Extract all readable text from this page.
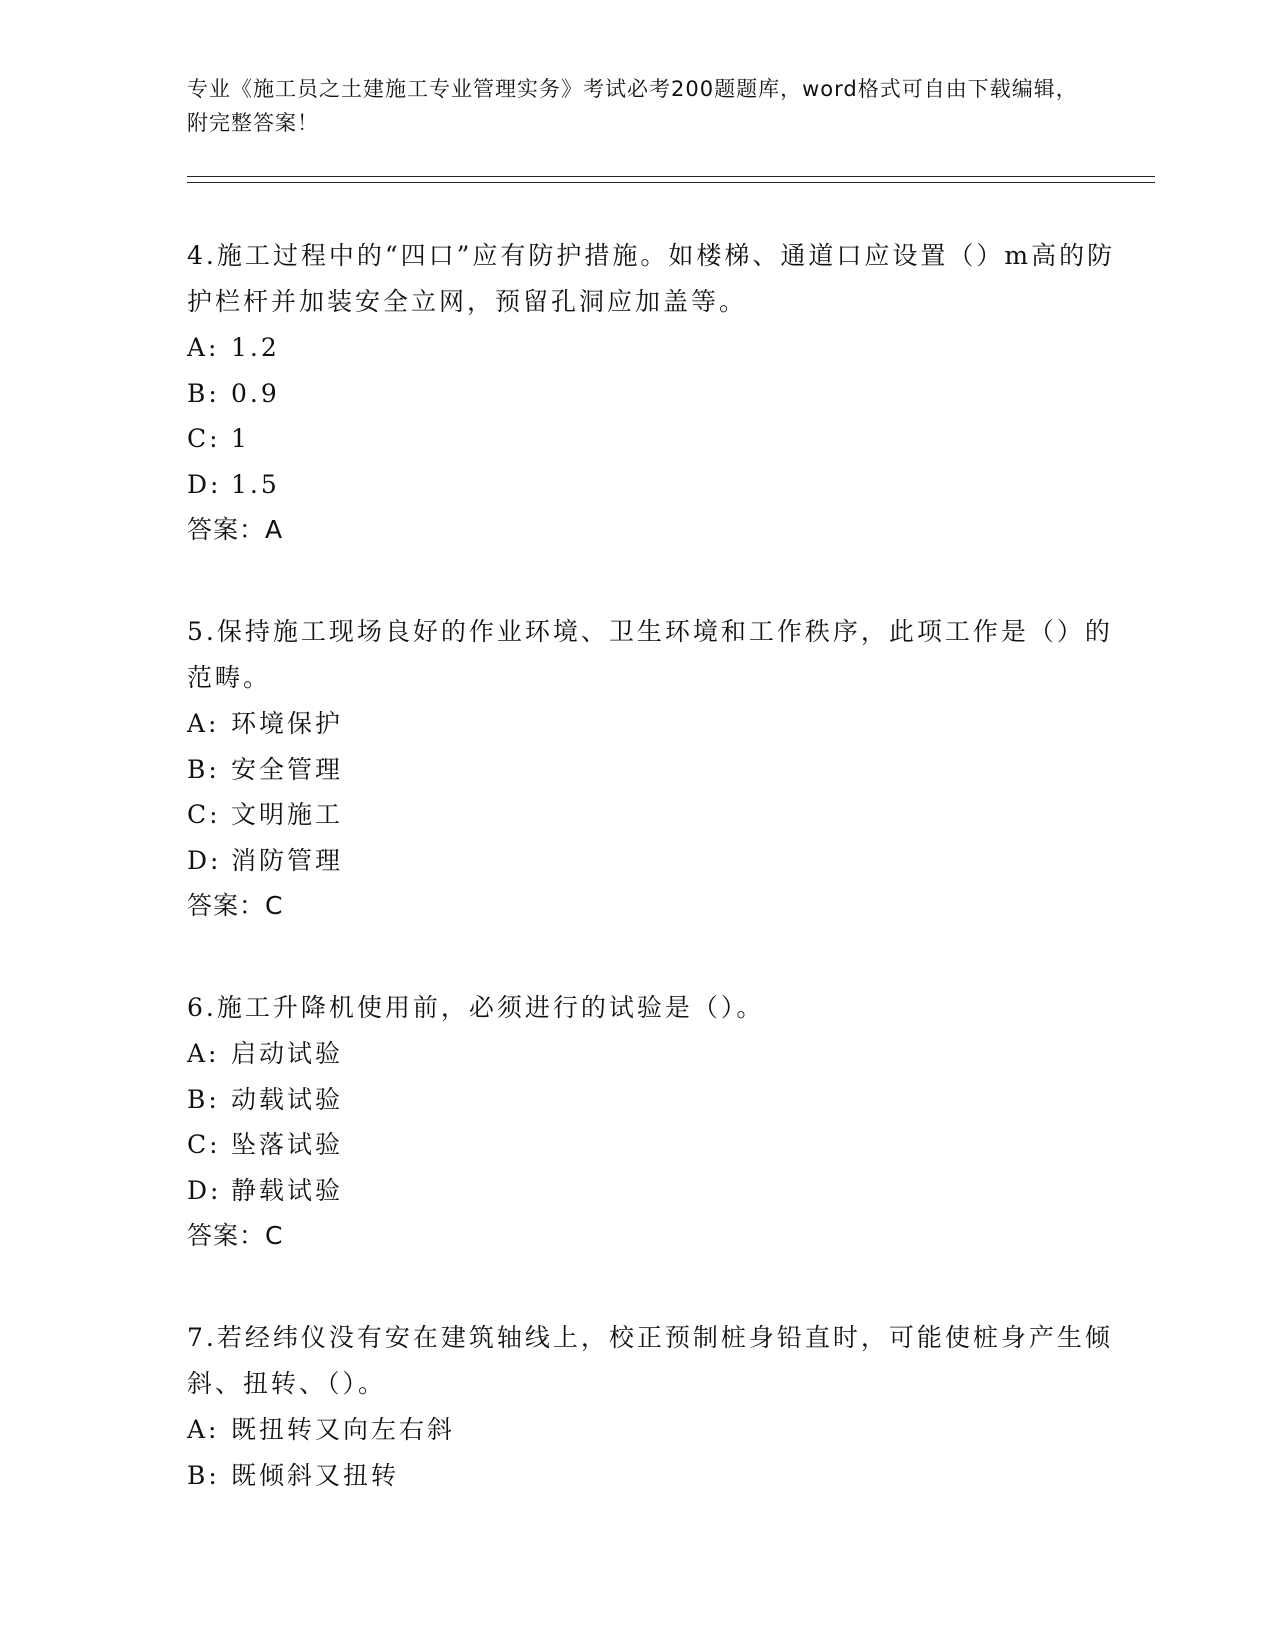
专业《施工员之土建施工专业管理实务》考试必考200题题库，word格式可自由下载编辑，附完整答案！
4.施工过程中的“四口”应有防护措施。如楼梯、通道口应设置（）m高的防护栏杆并加装安全立网，预留孔洞应加盖等。
A: 1.2
B: 0.9
C: 1
D: 1.5
答案：A
5.保持施工现场良好的作业环境、卫生环境和工作秩序，此项工作是（）的范畴。
A: 环境保护
B: 安全管理
C: 文明施工
D: 消防管理
答案：C
6.施工升降机使用前，必须进行的试验是（）。
A: 启动试验
B: 动载试验
C: 坠落试验
D: 静载试验
答案：C
7.若经纬仪没有安在建筑轴线上，校正预制桩身铅直时，可能使桩身产生倾斜、扭转、（）。
A: 既扭转又向左右斜
B: 既倾斜又扭转
